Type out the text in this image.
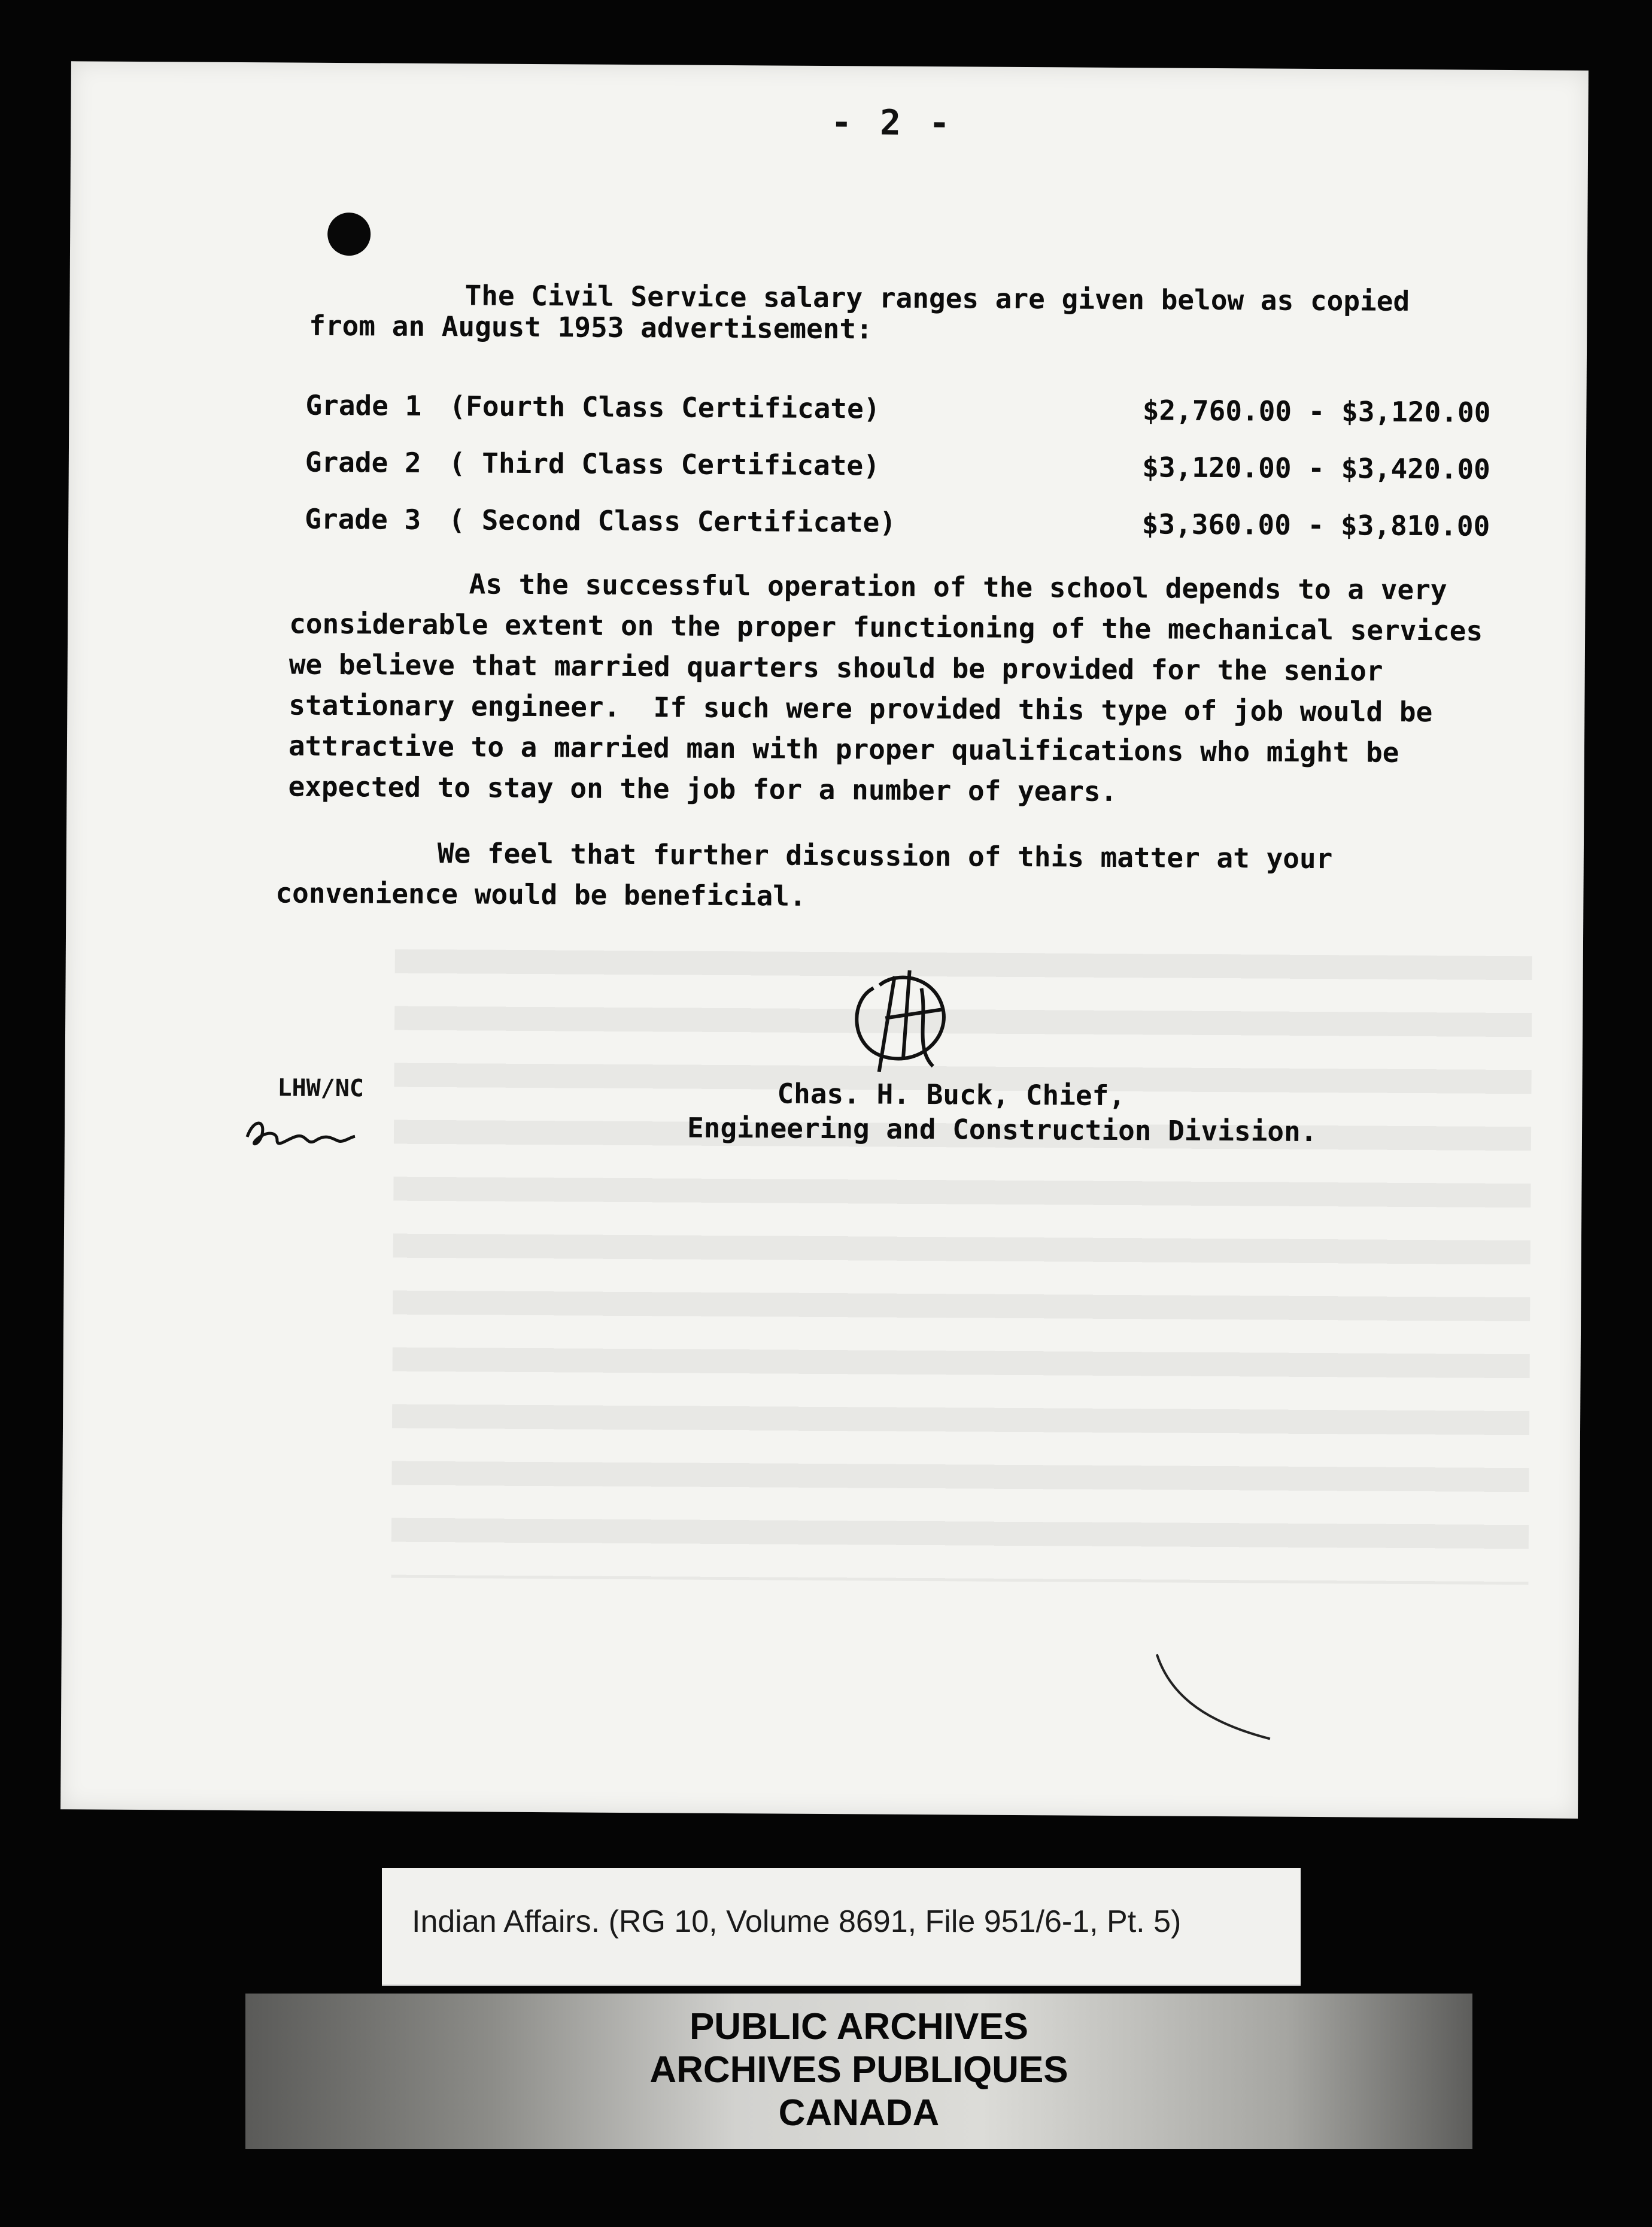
- 2 -
The Civil Service salary ranges are given below as copied
from an August 1953 advertisement:
Grade 1 (Fourth Class Certificate)	$2,760.00 - $3,120.00
Grade 2 ( Third Class Certificate)	$3,120.00 - $3,420.00
Grade 3 ( Second Class Certificate)	$3,360.00 - $3,810.00
As the successful operation of the school depends to a very
considerable extent on the proper functioning of the mechanical services
we believe that married quarters should be provided for the senior
stationary engineer.  If such were provided this type of job would be
attractive to a married man with proper qualifications who might be
expected to stay on the job for a number of years.
We feel that further discussion of this matter at your
convenience would be beneficial.
LHW/NC	Chas. H. Buck, Chief,
Engineering and Construction Division.
Indian Affairs. (RG 10, Volume 8691, File 951/6-1, Pt. 5)
PUBLIC ARCHIVES
ARCHIVES PUBLIQUES
CANADA
